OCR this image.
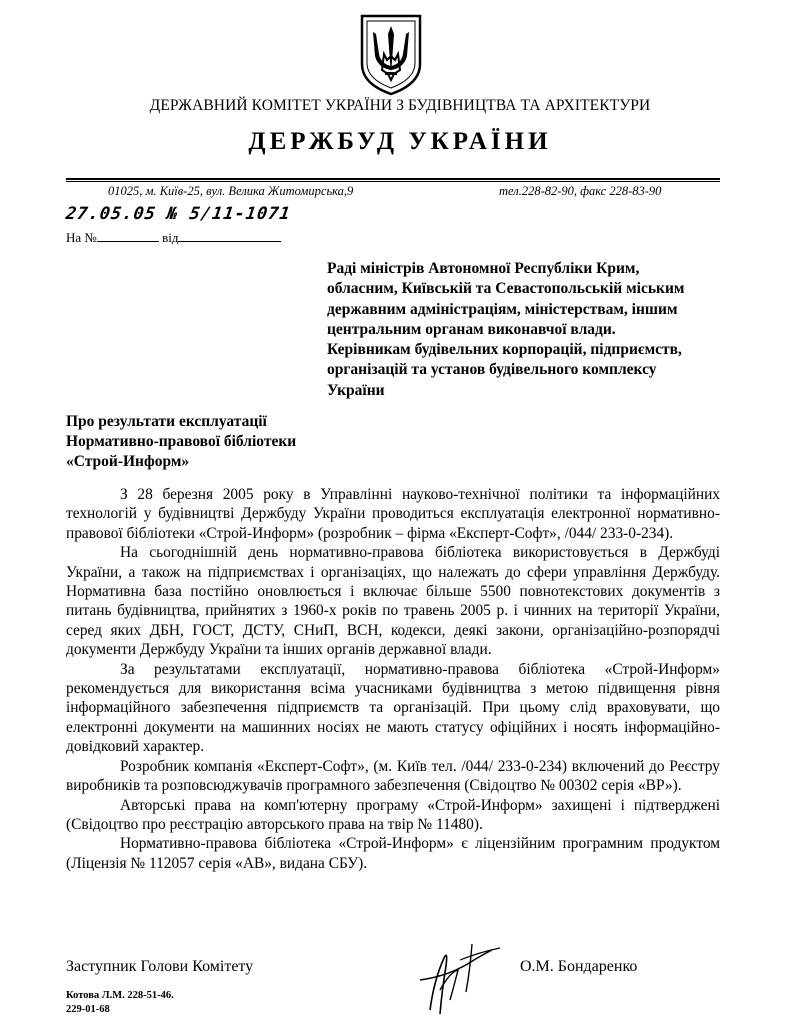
ДЕРЖАВНИЙ КОМІТЕТ УКРАЇНИ З БУДІВНИЦТВА ТА АРХІТЕКТУРИ
ДЕРЖБУД УКРАЇНИ
01025, м. Київ-25, вул. Велика Житомирська,9	тел.228-82-90, факс 228-83-90
27.05.05 № 5/11-1071
На №	від
Раді міністрів Автономної Республіки Крим,
обласним, Київській та Севастопольській міським
державним адміністраціям, міністерствам, іншим
центральним органам виконавчої влади.
Керівникам будівельних корпорацій, підприємств,
організацій та установ будівельного комплексу
України
Про результати експлуатації
Нормативно-правової бібліотеки
«Строй-Информ»

З 28 березня 2005 року в Управлінні науково-технічної політики та інформаційних технологій у будівництві Держбуду України проводиться експлуатація електронної нормативно-правової бібліотеки «Строй-Информ» (розробник – фірма «Експерт-Софт», /044/ 233-0-234).

На сьогоднішній день нормативно-правова бібліотека використовується в Держбуді України, а також на підприємствах і організаціях, що належать до сфери управління Держбуду. Нормативна база постійно оновлюється і включає більше 5500 повнотекстових документів з питань будівництва, прийнятих з 1960-х років по травень 2005 р. і чинних на території України, серед яких ДБН, ГОСТ, ДСТУ, СНиП, ВСН, кодекси, деякі закони, організаційно-розпорядчі документи Держбуду України та інших органів державної влади.

За результатами експлуатації, нормативно-правова бібліотека «Строй-Информ» рекомендується для використання всіма учасниками будівництва з метою підвищення рівня інформаційного забезпечення підприємств та організацій. При цьому слід враховувати, що електронні документи на машинних носіях не мають статусу офіційних і носять інформаційно-довідковий характер.

Розробник компанія «Експерт-Софт», (м. Київ тел. /044/ 233-0-234) включений до Реєстру виробників та розповсюджувачів програмного забезпечення (Свідоцтво № 00302 серія «ВР»).

Авторські права на комп'ютерну програму «Строй-Информ» захищені і підтверджені (Свідоцтво про реєстрацію авторського права на твір № 11480).

Нормативно-правова бібліотека «Строй-Информ» є ліцензійним програмним продуктом (Ліцензія № 112057 серія «АВ», видана СБУ).

Заступник Голови Комітету	О.М. Бондаренко
Котова Л.М. 228-51-46.
229-01-68
